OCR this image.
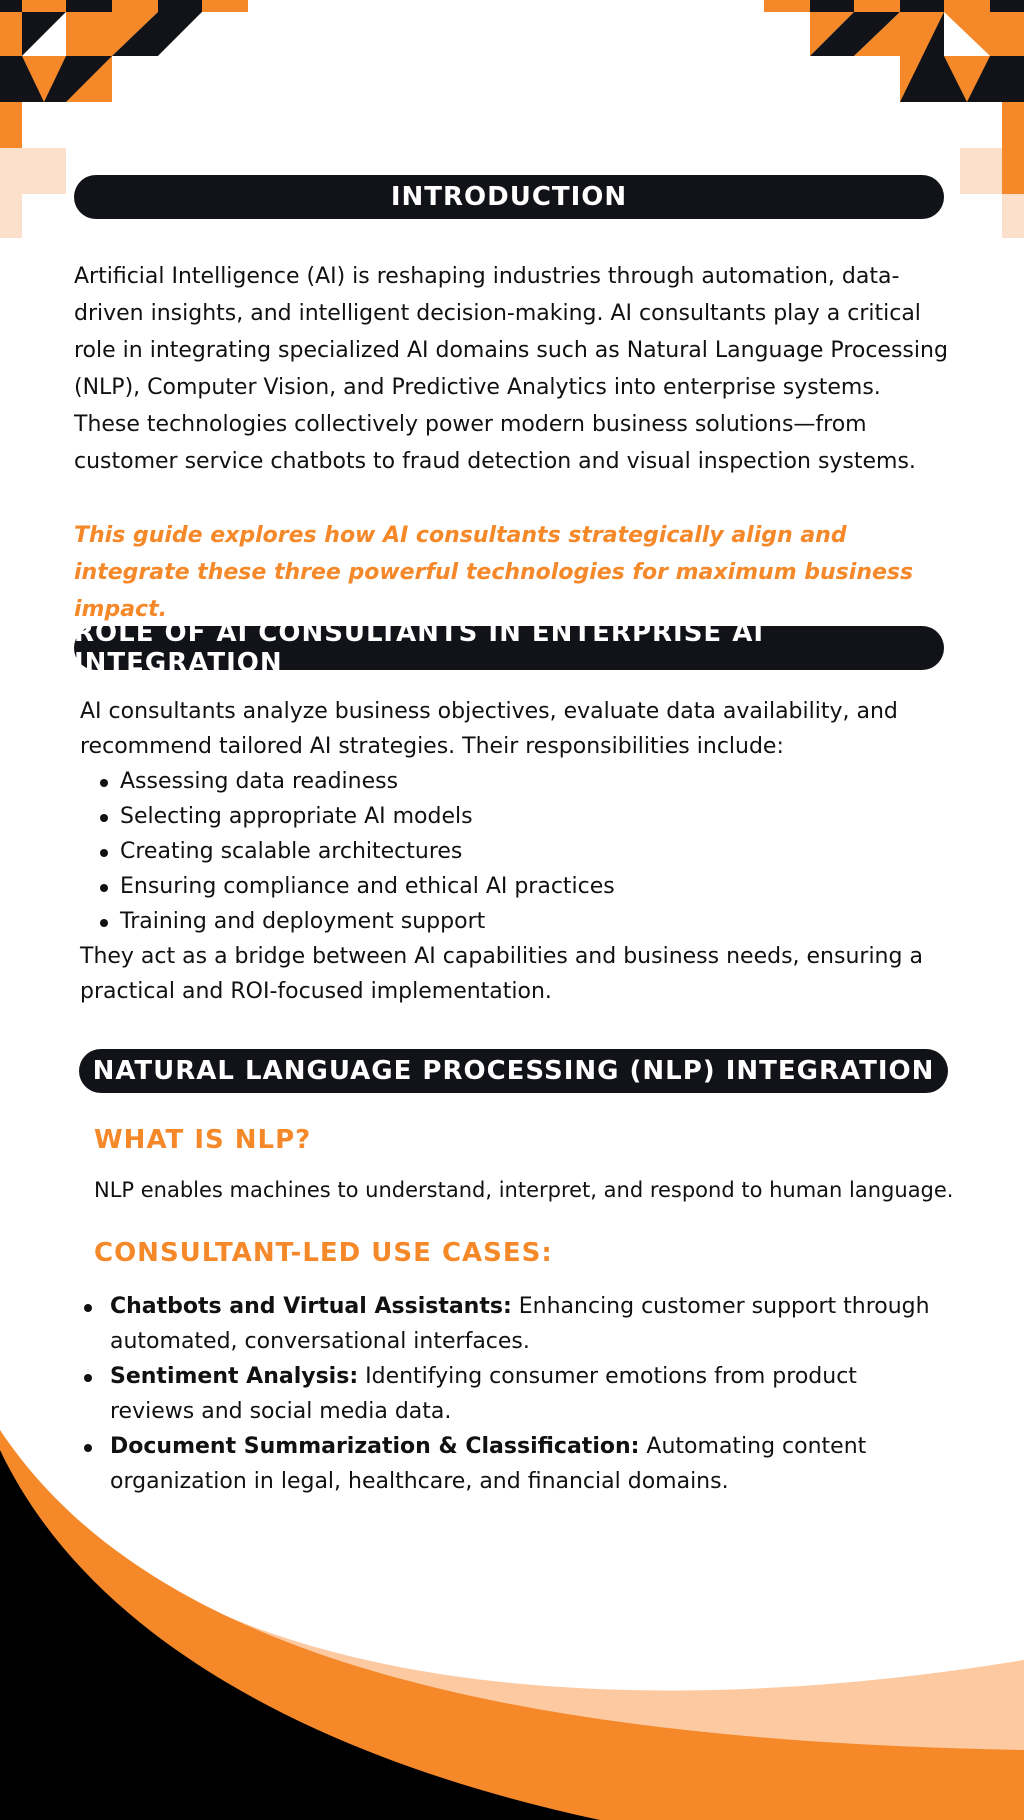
INTRODUCTION

Artificial Intelligence (AI) is reshaping industries through automation, data-driven insights, and intelligent decision-making. AI consultants play a critical role in integrating specialized AI domains such as Natural Language Processing (NLP), Computer Vision, and Predictive Analytics into enterprise systems. These technologies collectively power modern business solutions—from customer service chatbots to fraud detection and visual inspection systems.

This guide explores how AI consultants strategically align and integrate these three powerful technologies for maximum business impact.

ROLE OF AI CONSULTANTS IN ENTERPRISE AI INTEGRATION

AI consultants analyze business objectives, evaluate data availability, and recommend tailored AI strategies. Their responsibilities include:

Assessing data readiness
Selecting appropriate AI models
Creating scalable architectures
Ensuring compliance and ethical AI practices
Training and deployment support

They act as a bridge between AI capabilities and business needs, ensuring a practical and ROI-focused implementation.

NATURAL LANGUAGE PROCESSING (NLP) INTEGRATION
WHAT IS NLP?

NLP enables machines to understand, interpret, and respond to human language.

CONSULTANT-LED USE CASES:
Chatbots and Virtual Assistants: Enhancing customer support through automated, conversational interfaces.
Sentiment Analysis: Identifying consumer emotions from product reviews and social media data.
Document Summarization & Classification: Automating content organization in legal, healthcare, and financial domains.
